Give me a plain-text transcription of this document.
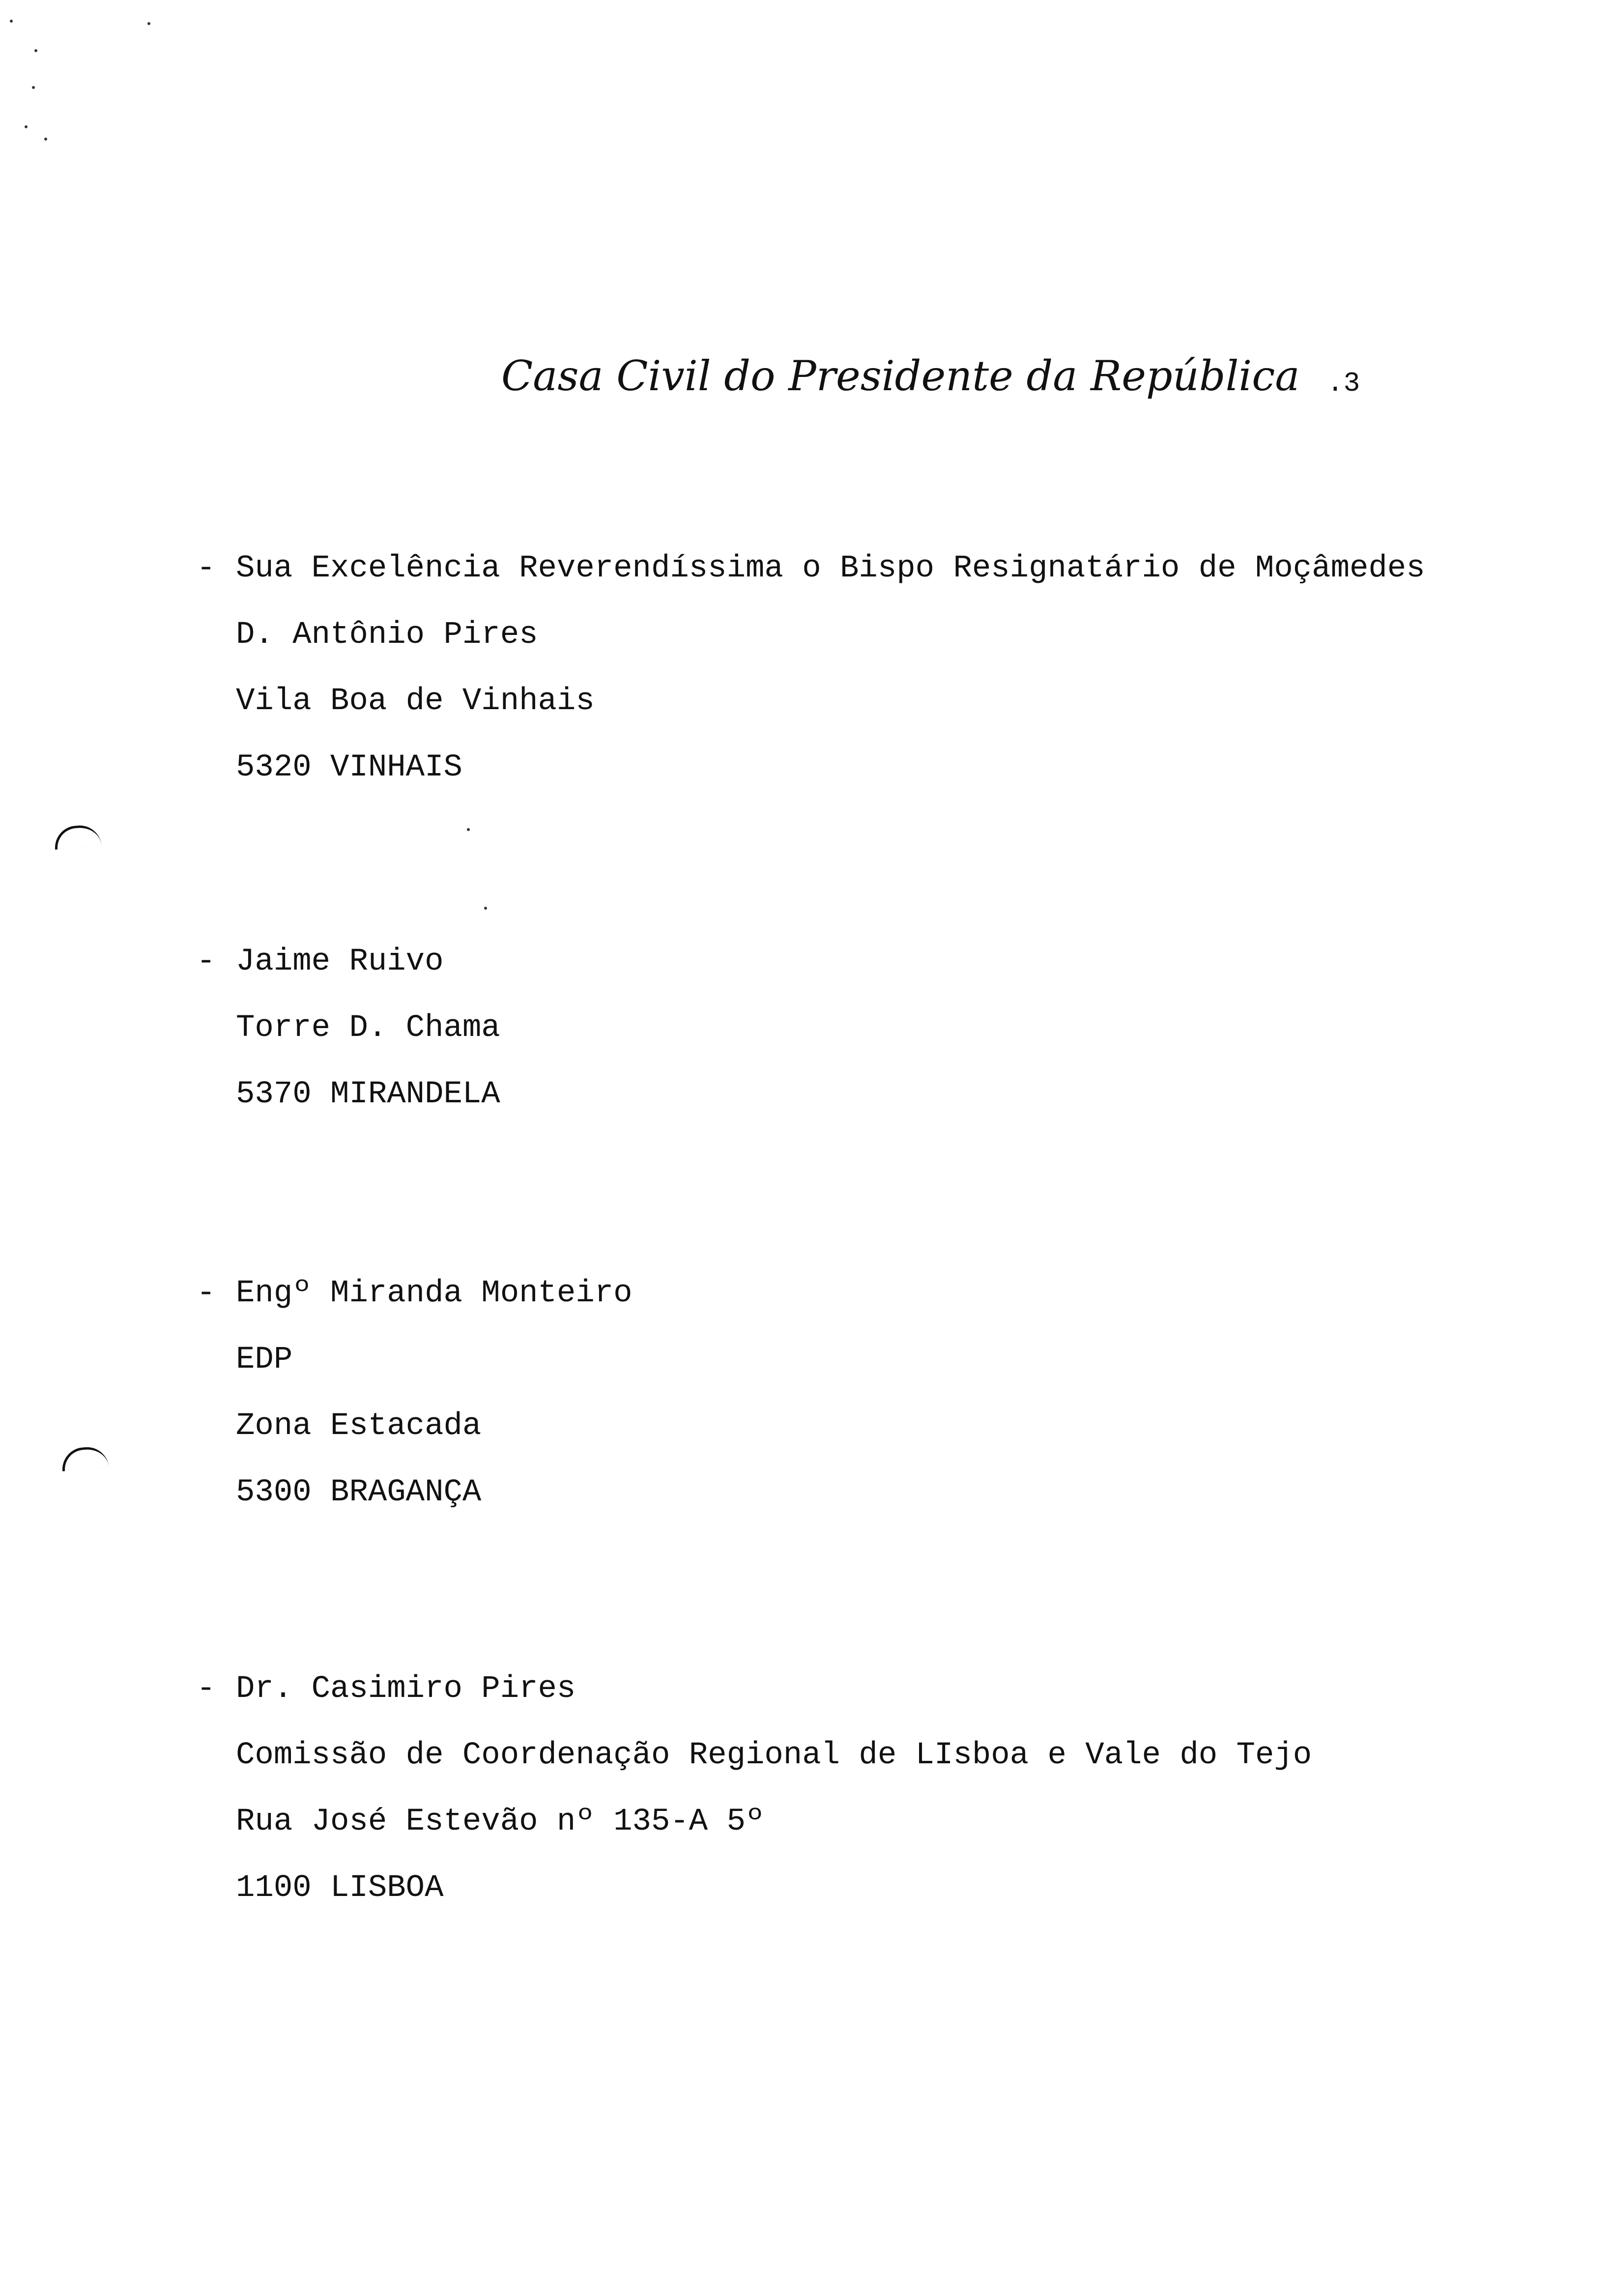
Casa Civil do Presidente da República .3
- Sua Excelência Reverendíssima o Bispo Resignatário de Moçâmedes
D. Antônio Pires
Vila Boa de Vinhais
5320 VINHAIS
- Jaime Ruivo
Torre D. Chama
5370 MIRANDELA
- Engº Miranda Monteiro
EDP
Zona Estacada
5300 BRAGANÇA
- Dr. Casimiro Pires
Comissão de Coordenação Regional de LIsboa e Vale do Tejo
Rua José Estevão nº 135-A 5º
1100 LISBOA
